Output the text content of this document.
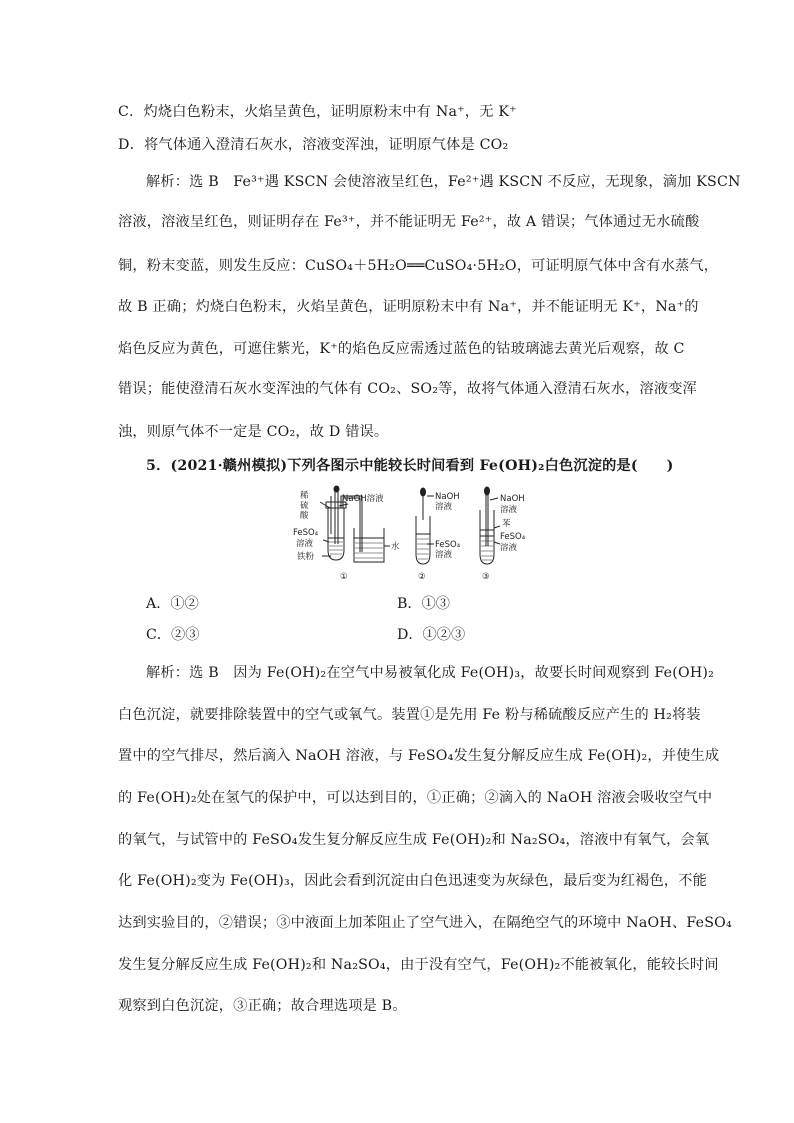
C．灼烧白色粉末，火焰呈黄色，证明原粉末中有 Na⁺，无 K⁺
D．将气体通入澄清石灰水，溶液变浑浊，证明原气体是 CO₂
解析：选 B　Fe³⁺遇 KSCN 会使溶液呈红色，Fe²⁺遇 KSCN 不反应，无现象，滴加 KSCN
溶液，溶液呈红色，则证明存在 Fe³⁺，并不能证明无 Fe²⁺，故 A 错误；气体通过无水硫酸
铜，粉末变蓝，则发生反应：CuSO₄＋5H₂O══CuSO₄·5H₂O，可证明原气体中含有水蒸气，
故 B 正确；灼烧白色粉末，火焰呈黄色，证明原粉末中有 Na⁺，并不能证明无 K⁺，Na⁺的
焰色反应为黄色，可遮住紫光，K⁺的焰色反应需透过蓝色的钴玻璃滤去黄光后观察，故 C
错误；能使澄清石灰水变浑浊的气体有 CO₂、SO₂等，故将气体通入澄清石灰水，溶液变浑
浊，则原气体不一定是 CO₂，故 D 错误。
5．(2021·赣州模拟)下列各图示中能较长时间看到 Fe(OH)₂白色沉淀的是(　　)
稀
硫
酸
NaOH溶液
FeSO₄
溶液
铁粉
水
①
NaOH
溶液
FeSO₄
溶液
②
NaOH
溶液
苯
FeSO₄
溶液
③
A．①②	B．①③
C．②③	D．①②③
解析：选 B　因为 Fe(OH)₂在空气中易被氧化成 Fe(OH)₃，故要长时间观察到 Fe(OH)₂
白色沉淀，就要排除装置中的空气或氧气。装置①是先用 Fe 粉与稀硫酸反应产生的 H₂将装
置中的空气排尽，然后滴入 NaOH 溶液，与 FeSO₄发生复分解反应生成 Fe(OH)₂，并使生成
的 Fe(OH)₂处在氢气的保护中，可以达到目的，①正确；②滴入的 NaOH 溶液会吸收空气中
的氧气，与试管中的 FeSO₄发生复分解反应生成 Fe(OH)₂和 Na₂SO₄，溶液中有氧气，会氧
化 Fe(OH)₂变为 Fe(OH)₃，因此会看到沉淀由白色迅速变为灰绿色，最后变为红褐色，不能
达到实验目的，②错误；③中液面上加苯阻止了空气进入，在隔绝空气的环境中 NaOH、FeSO₄
发生复分解反应生成 Fe(OH)₂和 Na₂SO₄，由于没有空气，Fe(OH)₂不能被氧化，能较长时间
观察到白色沉淀，③正确；故合理选项是 B。
